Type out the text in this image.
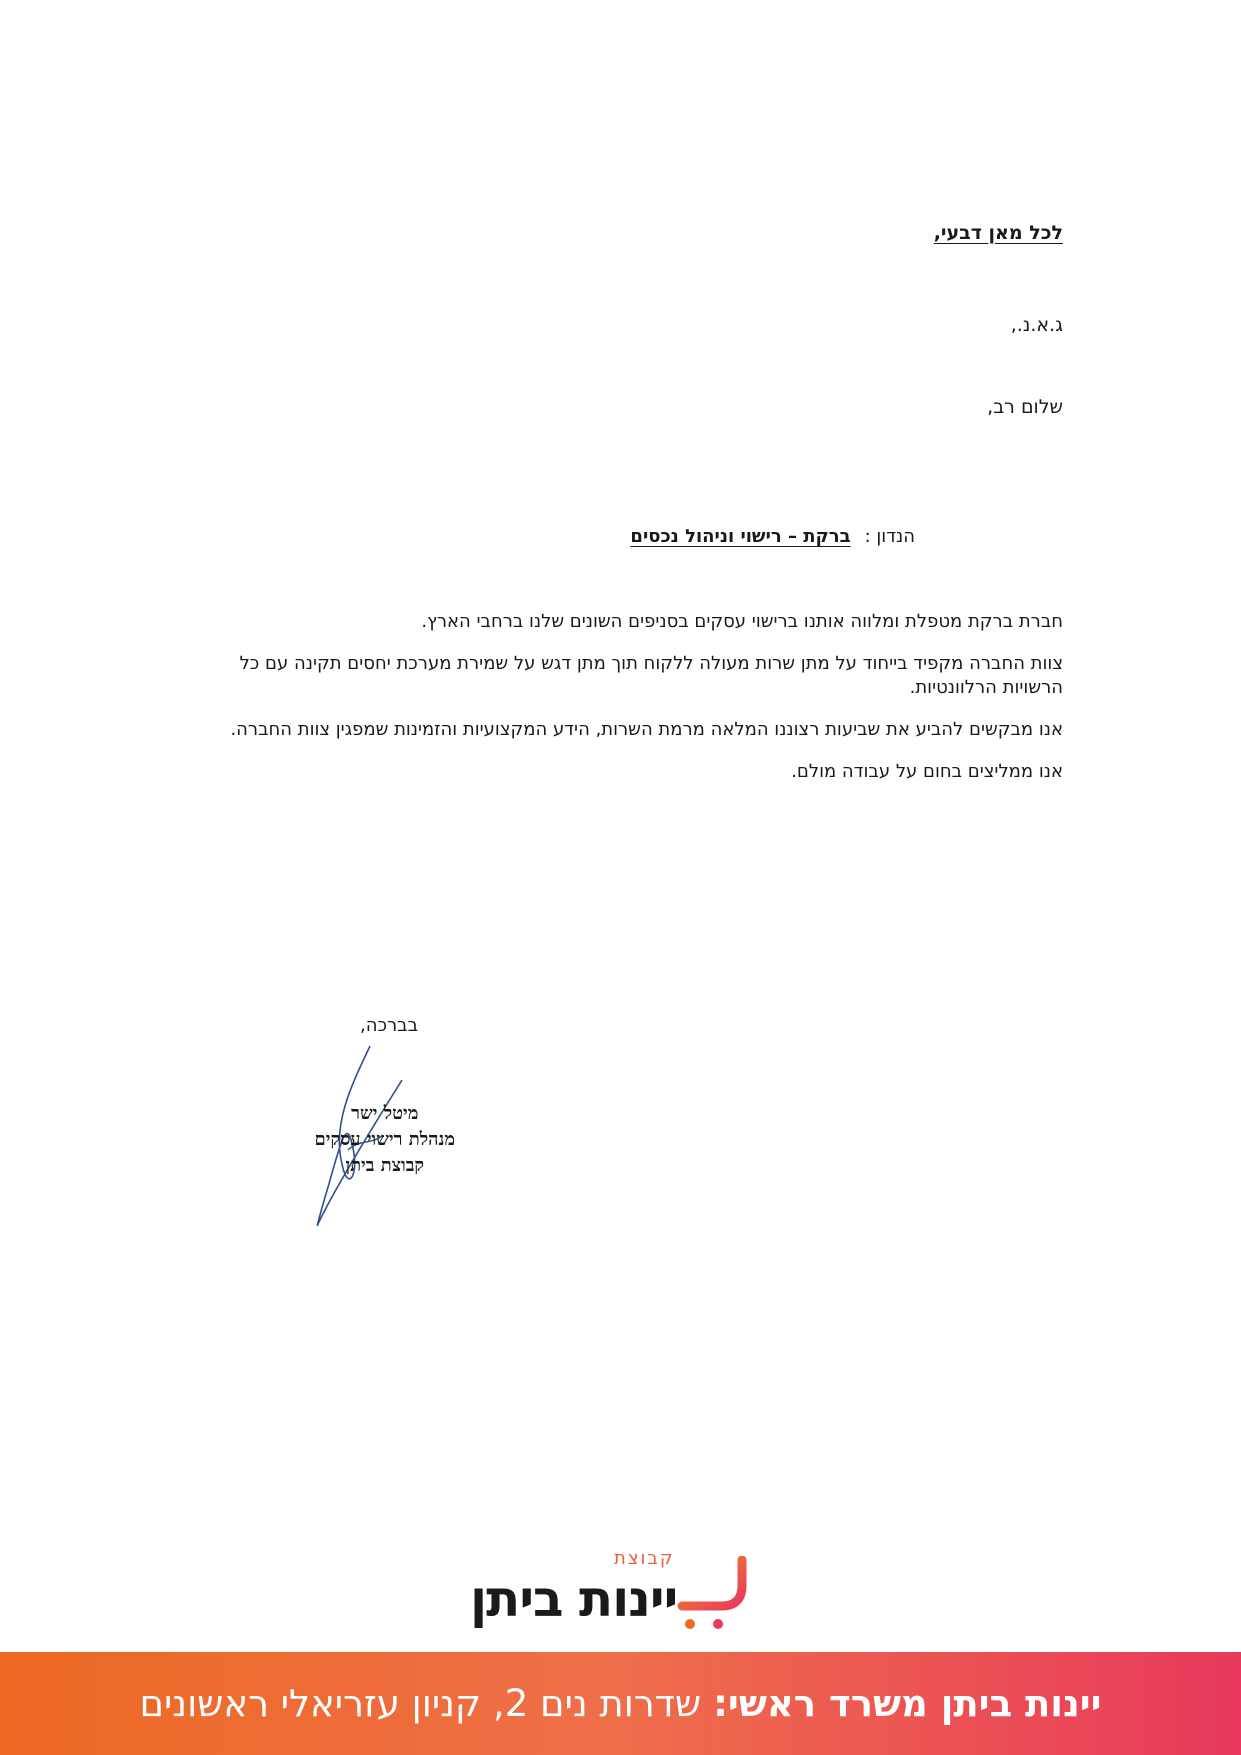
לכל מאן דבעי,
ג.א.נ.,
שלום רב,
הנדון :
ברקת – רישוי וניהול נכסים

חברת ברקת מטפלת ומלווה אותנו ברישוי עסקים בסניפים השונים שלנו ברחבי הארץ.

צוות החברה מקפיד בייחוד על מתן שרות מעולה ללקוח תוך מתן דגש על שמירת מערכת יחסים תקינה עם כל הרשויות הרלוונטיות.

אנו מבקשים להביע את שביעות רצוננו המלאה מרמת השרות, הידע המקצועיות והזמינות שמפגין צוות החברה.

אנו ממליצים בחום על עבודה מולם.

בברכה,
מיטל ישר
מנהלת רישוי עסקים
קבוצת ביתן
קבוצת
יינות ביתן
יינות ביתן משרד ראשי:
שדרות נים 2, קניון עזריאלי ראשונים
